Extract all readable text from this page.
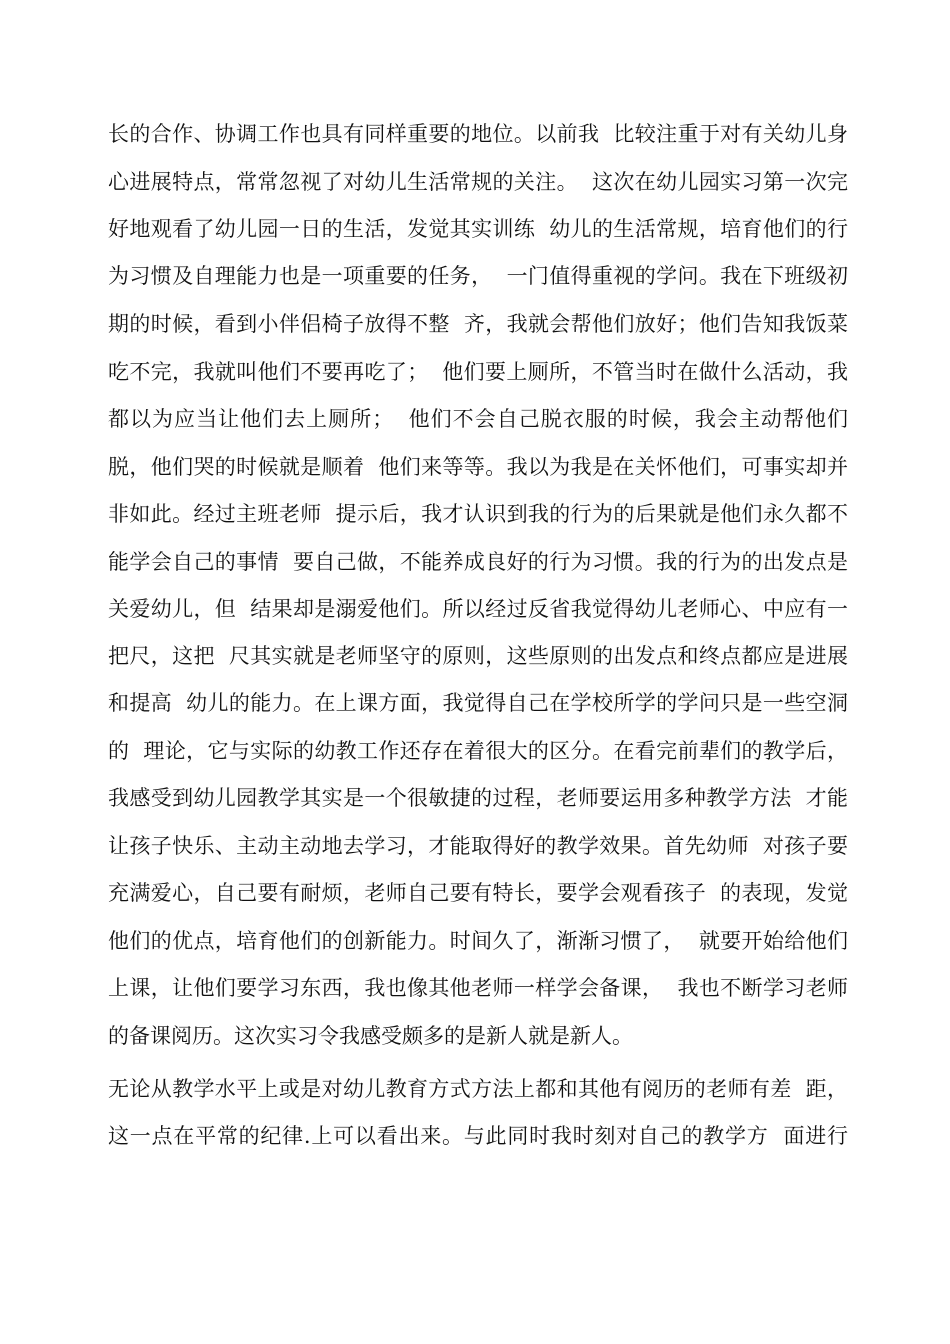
长的合作、协调工作也具有同样重要的地位。以前我  比较注重于对有关幼儿身
心进展特点，常常忽视了对幼儿生活常规的关注。  这次在幼儿园实习第一次完
好地观看了幼儿园一日的生活，发觉其实训练  幼儿的生活常规，培育他们的行
为习惯及自理能力也是一项重要的任务，  一门值得重视的学问。我在下班级初
期的时候，看到小伴侣椅子放得不整  齐，我就会帮他们放好；他们告知我饭菜
吃不完，我就叫他们不要再吃了；  他们要上厕所，不管当时在做什么活动，我
都以为应当让他们去上厕所；  他们不会自己脱衣服的时候，我会主动帮他们
脱，他们哭的时候就是顺着  他们来等等。我以为我是在关怀他们，可事实却并
非如此。经过主班老师  提示后，我才认识到我的行为的后果就是他们永久都不
能学会自己的事情  要自己做，不能养成良好的行为习惯。我的行为的出发点是
关爱幼儿，但  结果却是溺爱他们。所以经过反省我觉得幼儿老师心、中应有一
把尺，这把  尺其实就是老师坚守的原则，这些原则的出发点和终点都应是进展
和提高  幼儿的能力。在上课方面，我觉得自己在学校所学的学问只是一些空洞
的  理论，它与实际的幼教工作还存在着很大的区分。在看完前辈们的教学后，
我感受到幼儿园教学其实是一个很敏捷的过程，老师要运用多种教学方法  才能
让孩子快乐、主动主动地去学习，才能取得好的教学效果。首先幼师  对孩子要
充满爱心，自己要有耐烦，老师自己要有特长，要学会观看孩子  的表现，发觉
他们的优点，培育他们的创新能力。时间久了，渐渐习惯了，  就要开始给他们
上课，让他们要学习东西，我也像其他老师一样学会备课，  我也不断学习老师
的备课阅历。这次实习令我感受颇多的是新人就是新人。
无论从教学水平上或是对幼儿教育方式方法上都和其他有阅历的老师有差  距，
这一点在平常的纪律.上可以看出来。与此同时我时刻对自己的教学方  面进行
